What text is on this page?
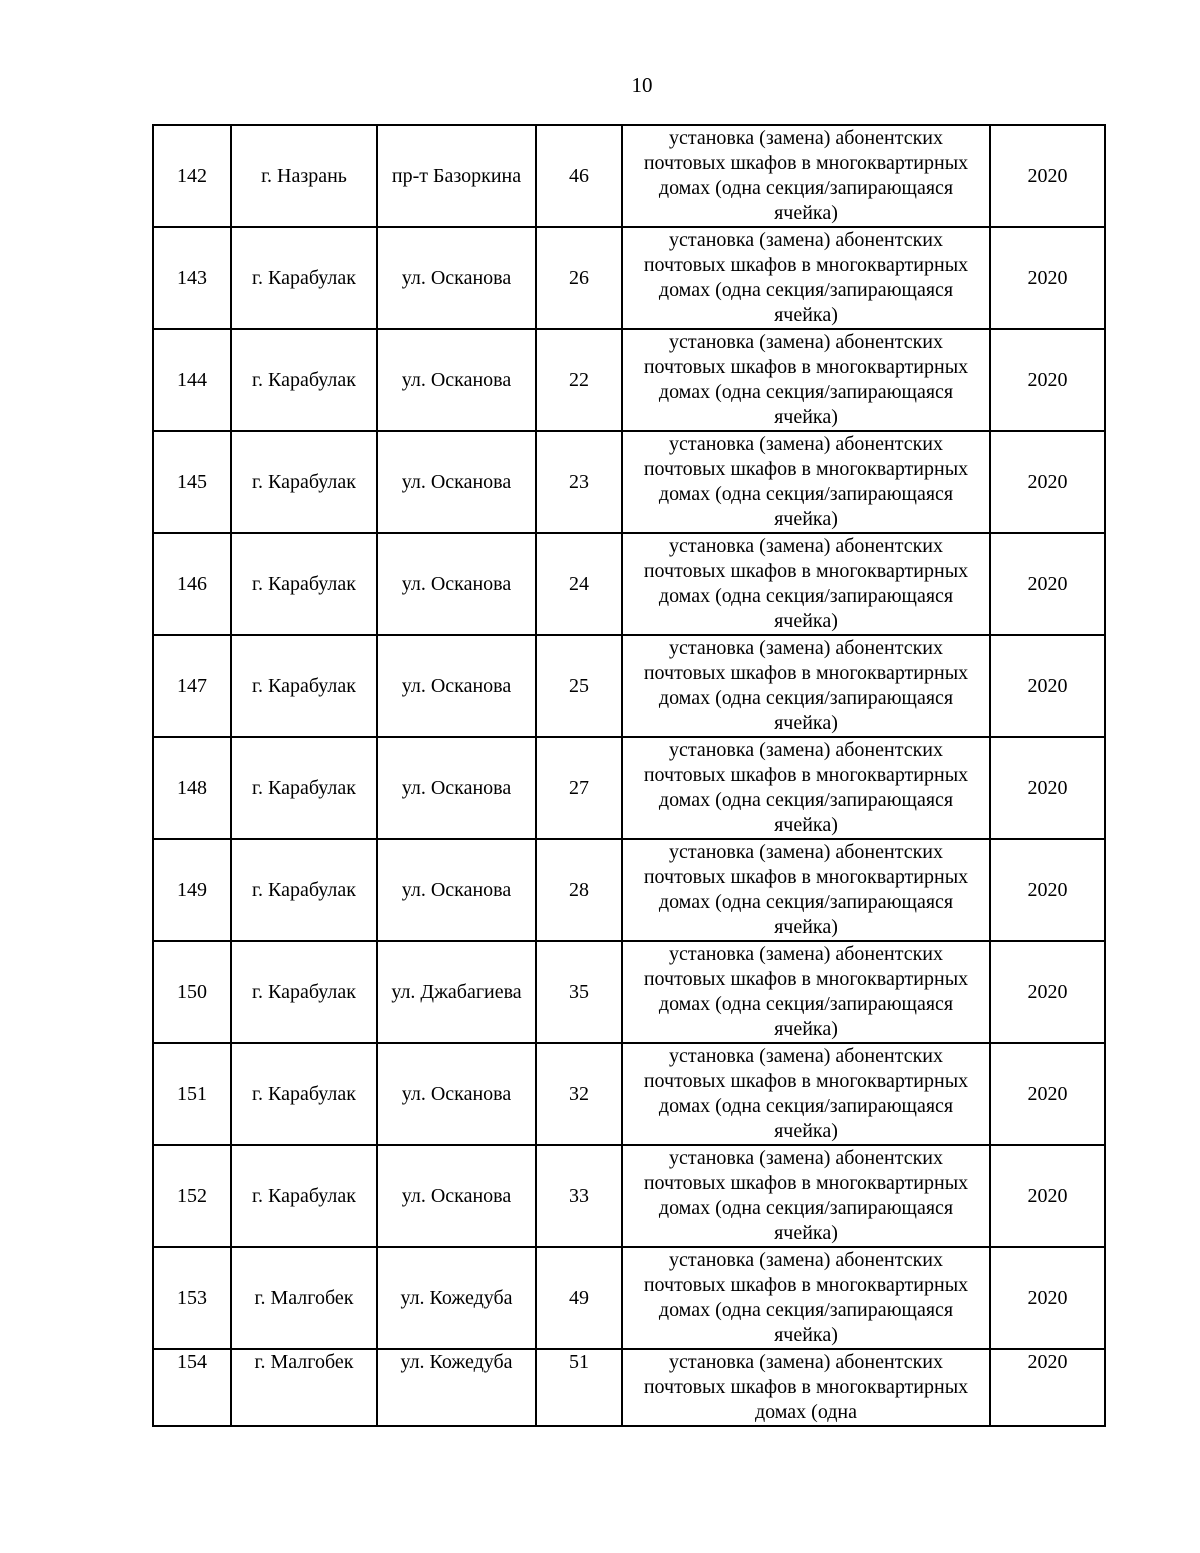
10
142	г. Назрань	пр-т Базоркина	46	установка (замена) абонентских почтовых шкафов в многоквартирных домах (одна секция/запирающаяся ячейка)	2020
143	г. Карабулак	ул. Осканова	26	установка (замена) абонентских почтовых шкафов в многоквартирных домах (одна секция/запирающаяся ячейка)	2020
144	г. Карабулак	ул. Осканова	22	установка (замена) абонентских почтовых шкафов в многоквартирных домах (одна секция/запирающаяся ячейка)	2020
145	г. Карабулак	ул. Осканова	23	установка (замена) абонентских почтовых шкафов в многоквартирных домах (одна секция/запирающаяся ячейка)	2020
146	г. Карабулак	ул. Осканова	24	установка (замена) абонентских почтовых шкафов в многоквартирных домах (одна секция/запирающаяся ячейка)	2020
147	г. Карабулак	ул. Осканова	25	установка (замена) абонентских почтовых шкафов в многоквартирных домах (одна секция/запирающаяся ячейка)	2020
148	г. Карабулак	ул. Осканова	27	установка (замена) абонентских почтовых шкафов в многоквартирных домах (одна секция/запирающаяся ячейка)	2020
149	г. Карабулак	ул. Осканова	28	установка (замена) абонентских почтовых шкафов в многоквартирных домах (одна секция/запирающаяся ячейка)	2020
150	г. Карабулак	ул. Джабагиева	35	установка (замена) абонентских почтовых шкафов в многоквартирных домах (одна секция/запирающаяся ячейка)	2020
151	г. Карабулак	ул. Осканова	32	установка (замена) абонентских почтовых шкафов в многоквартирных домах (одна секция/запирающаяся ячейка)	2020
152	г. Карабулак	ул. Осканова	33	установка (замена) абонентских почтовых шкафов в многоквартирных домах (одна секция/запирающаяся ячейка)	2020
153	г. Малгобек	ул. Кожедуба	49	установка (замена) абонентских почтовых шкафов в многоквартирных домах (одна секция/запирающаяся ячейка)	2020
154	г. Малгобек	ул. Кожедуба	51	установка (замена) абонентских почтовых шкафов в многоквартирных домах (одна	2020
